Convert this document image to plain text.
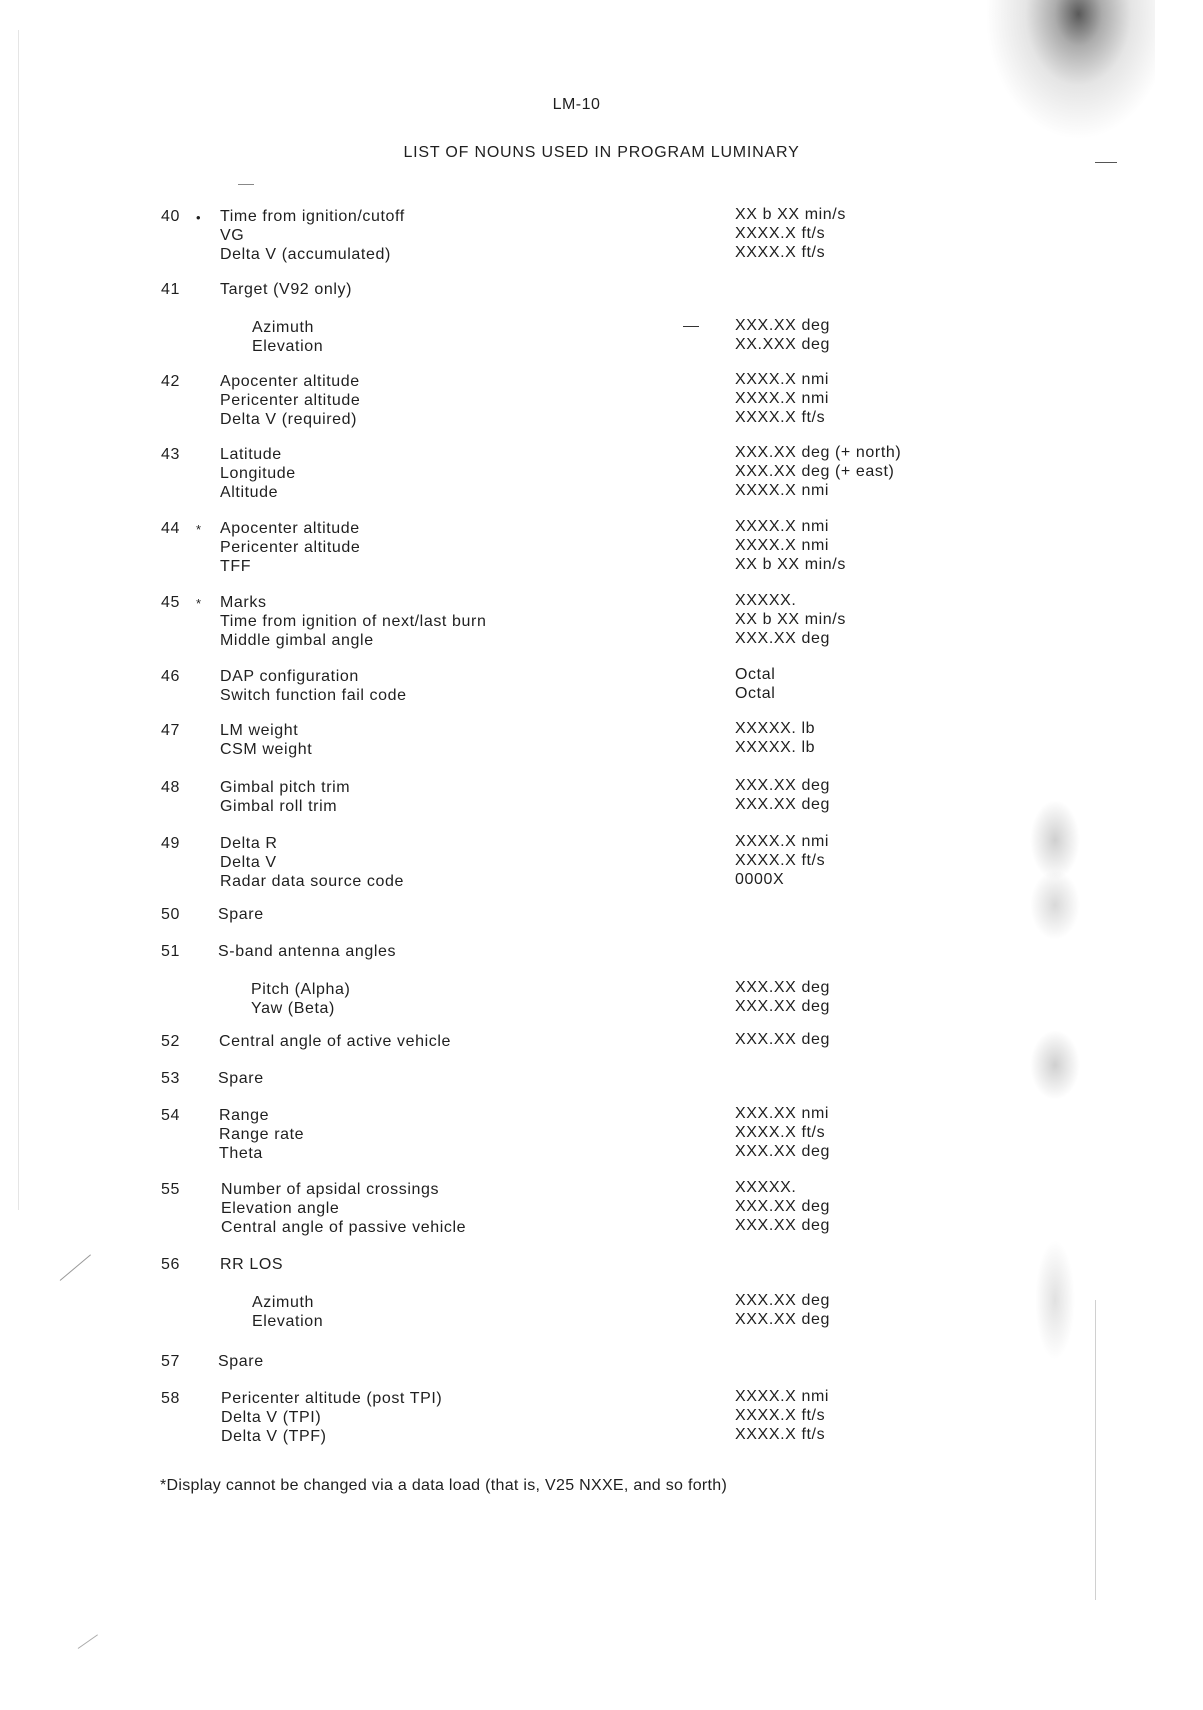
LM-10
LIST OF NOUNS USED IN PROGRAM LUMINARY
40 • Time from ignition/cutoff	XX b XX min/s
VG	XXXX.X ft/s
Delta V (accumulated)	XXXX.X ft/s
41	Target (V92 only)
Azimuth	XXX.XX deg
Elevation	XX.XXX deg
42	Apocenter altitude	XXXX.X nmi
Pericenter altitude	XXXX.X nmi
Delta V (required)	XXXX.X ft/s
43	Latitude	XXX.XX deg (+ north)
Longitude	XXX.XX deg (+ east)
Altitude	XXXX.X nmi
44 * Apocenter altitude	XXXX.X nmi
Pericenter altitude	XXXX.X nmi
TFF	XX b XX min/s
45 * Marks	XXXXX.
Time from ignition of next/last burn	XX b XX min/s
Middle gimbal angle	XXX.XX deg
46	DAP configuration	Octal
Switch function fail code	Octal
47	LM weight	XXXXX. lb
CSM weight	XXXXX. lb
48	Gimbal pitch trim	XXX.XX deg
Gimbal roll trim	XXX.XX deg
49	Delta R	XXXX.X nmi
Delta V	XXXX.X ft/s
Radar data source code	0000X
50 Spare
51 S-band antenna angles
Pitch (Alpha)	XXX.XX deg
Yaw (Beta)	XXX.XX deg
52 Central angle of active vehicle	XXX.XX deg
53 Spare
54 Range	XXX.XX nmi
Range rate	XXXX.X ft/s
Theta	XXX.XX deg
55	Number of apsidal crossings	XXXXX.
Elevation angle	XXX.XX deg
Central angle of passive vehicle	XXX.XX deg
56	RR LOS
Azimuth	XXX.XX deg
Elevation	XXX.XX deg
57 Spare
58	Pericenter altitude (post TPI)	XXXX.X nmi
Delta V (TPI)	XXXX.X ft/s
Delta V (TPF)	XXXX.X ft/s
*Display cannot be changed via a data load (that is, V25 NXXE, and so forth)
